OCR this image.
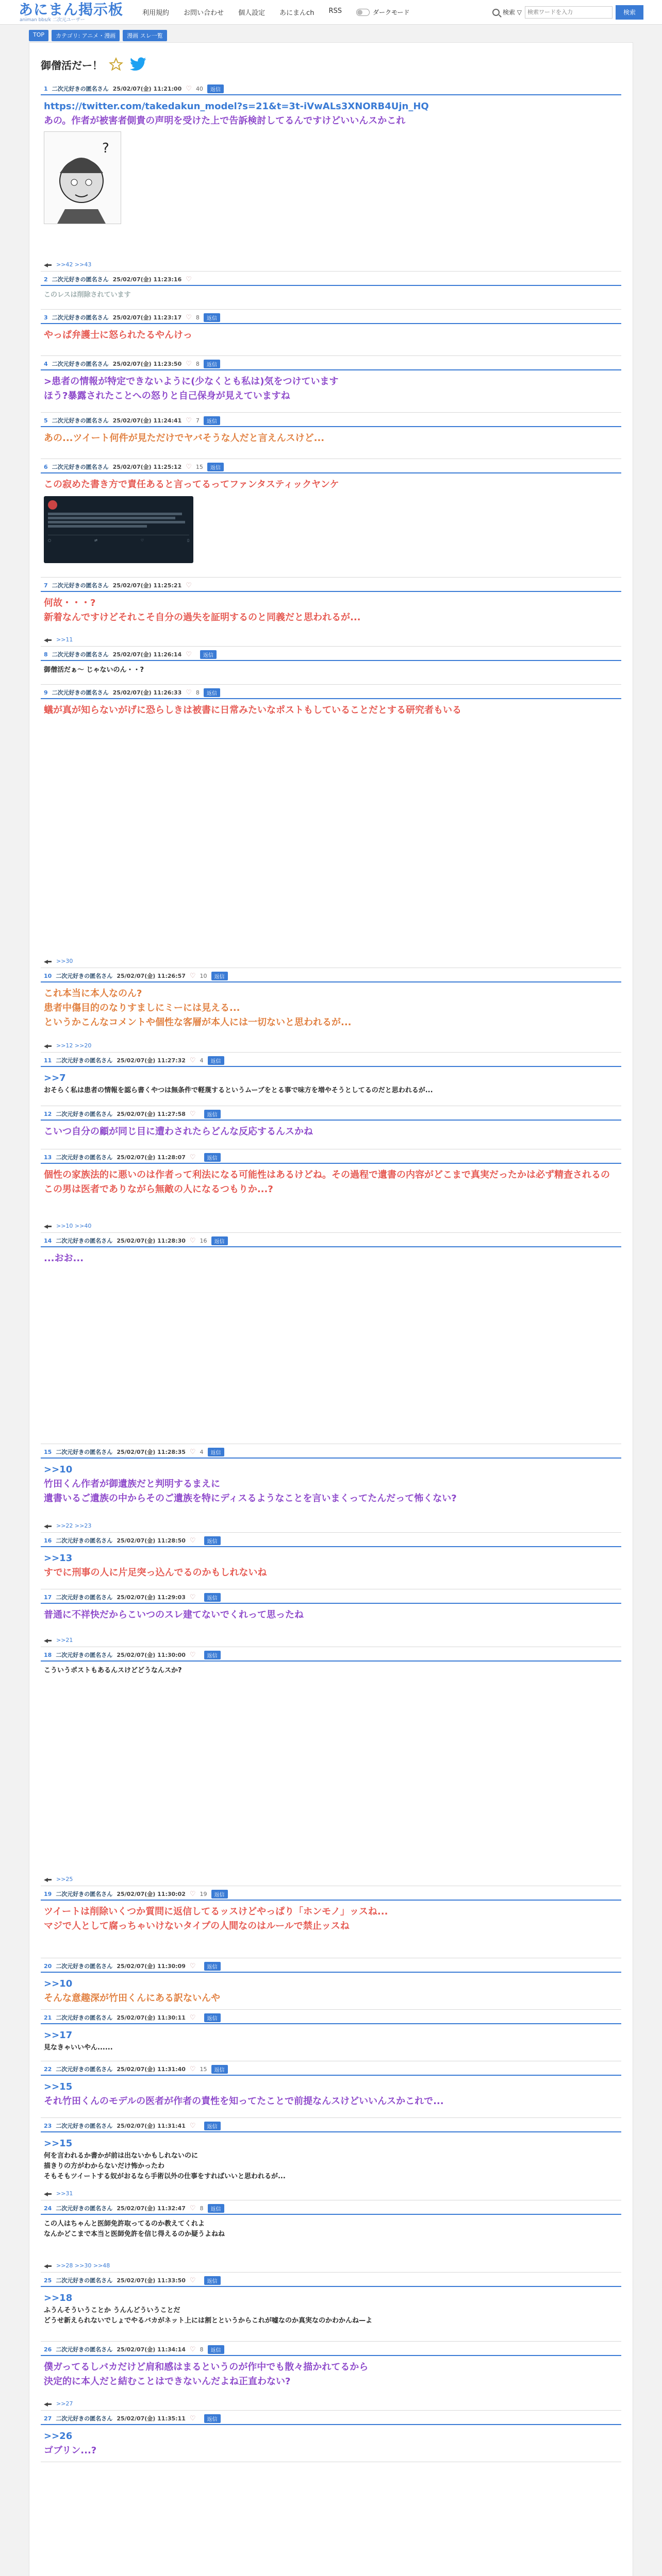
あにまん掲示板
animan bbs/k 二次元ユーザー
利用規約 お問い合わせ 個人設定 あにまんch RSS	ダークモード	検索 ▽
検索ワードを入力	検索
TOP	カテゴリ: アニメ・漫画	漫画 スレ一覧
御僧活だー！
1 二次元好きの匿名さん 25/02/07(金) 11:21:00 ♡ 40	返信
https://twitter.com/takedakun_model?s=21&t=3t-iVwALs3XNORB4Ujn_HQ
あの。作者が被害者側貴の声明を受けた上で告訴検討してるんですけどいいんスかこれ
?
>>42 >>43
2 二次元好きの匿名さん 25/02/07(金) 11:23:16 ♡
このレスは削除されています
3 二次元好きの匿名さん 25/02/07(金) 11:23:17 ♡ 8	返信
やっぱ弁護士に怒られたるやんけっ
4 二次元好きの匿名さん 25/02/07(金) 11:23:50 ♡ 8	返信
>患者の情報が特定できないように(少なくとも私は)気をつけています
ほう?暴露されたことへの怒りと自己保身が見えていますね
5 二次元好きの匿名さん 25/02/07(金) 11:24:41 ♡ 7	返信
あの...ツイート何件が見ただけでヤバそうな人だと言えんスけど...
6 二次元好きの匿名さん 25/02/07(金) 11:25:12 ♡ 15	返信
この寂めた書き方で責任あると言ってるってファンタスティックヤンケ
○	⇄	♡	▯
7 二次元好きの匿名さん 25/02/07(金) 11:25:21 ♡
何故・・・?
新着なんですけどそれこそ自分の過失を証明するのと同義だと思われるが...
>>11
8 二次元好きの匿名さん 25/02/07(金) 11:26:14 ♡	返信
御僧活だぁ〜 じゃないのん・・?
9 二次元好きの匿名さん 25/02/07(金) 11:26:33 ♡ 8	返信
蟻が真が知らないがげに恐らしきは被書に日常みたいなポストもしていることだとする研究者もいる
>>30
10 二次元好きの匿名さん 25/02/07(金) 11:26:57 ♡ 10	返信
これ本当に本人なのん?
患者中傷目的のなりすましにミーには見える...
というかこんなコメントや個性な客層が本人には一切ないと思われるが...
>>12 >>20
11 二次元好きの匿名さん 25/02/07(金) 11:27:32 ♡ 4	返信
>>7
おそらく私は患者の情報を認ら書くやつは無条件で軽蔑するというムーブをとる事で味方を増やそうとしてるのだと思われるが...
12 二次元好きの匿名さん 25/02/07(金) 11:27:58 ♡	返信
こいつ自分の顧が同じ目に遭わされたらどんな反応するんスかね
13 二次元好きの匿名さん 25/02/07(金) 11:28:07 ♡	返信
個性の家族法的に悪いのは作者って利法になる可能性はあるけどね。その過程で遺書の内容がどこまで真実だったかは必ず精査されるの
この男は医者でありながら無敵の人になるつもりか...?
>>10 >>40
14 二次元好きの匿名さん 25/02/07(金) 11:28:30 ♡ 16	返信
...おお...
15 二次元好きの匿名さん 25/02/07(金) 11:28:35 ♡ 4	返信
>>10
竹田くん作者が御遺族だと判明するまえに
遺書いるご遺族の中からそのご遺族を特にディスるようなことを言いまくってたんだって怖くない?
>>22 >>23
16 二次元好きの匿名さん 25/02/07(金) 11:28:50 ♡	返信
>>13
すでに刑事の人に片足突っ込んでるのかもしれないね
17 二次元好きの匿名さん 25/02/07(金) 11:29:03 ♡	返信
普通に不祥快だからこいつのスレ建てないでくれって思ったね
>>21
18 二次元好きの匿名さん 25/02/07(金) 11:30:00 ♡	返信
こういうポストもあるんスけどどうなんスか?
>>25
19 二次元好きの匿名さん 25/02/07(金) 11:30:02 ♡ 19	返信
ツイートは削除いくつか質問に返信してるッスけどやっぱり「ホンモノ」ッスね...
マジで人として腐っちゃいけないタイプの人間なのはルールで禁止ッスね
20 二次元好きの匿名さん 25/02/07(金) 11:30:09 ♡	返信
>>10
そんな意趣深が竹田くんにある訳ないんや
21 二次元好きの匿名さん 25/02/07(金) 11:30:11 ♡	返信
>>17
見なきゃいいやん......
22 二次元好きの匿名さん 25/02/07(金) 11:31:40 ♡ 15	返信
>>15
それ竹田くんのモデルの医者が作者の責性を知ってたことで前提なんスけどいいんスかこれで...
23 二次元好きの匿名さん 25/02/07(金) 11:31:41 ♡	返信
>>15
何を言われるか書かが前は出ないかもしれないのに
描きりの方がわからないだけ怖かったわ
そもそもツイートする奴がおるなら手術以外の仕事をすればいいと思われるが...
>>31
24 二次元好きの匿名さん 25/02/07(金) 11:32:47 ♡ 8	返信
この人はちゃんと医師免許取ってるのか教えてくれよ
なんかどこまで本当と医師免許を信じ得えるのか疑うよねね
>>28 >>30 >>48
25 二次元好きの匿名さん 25/02/07(金) 11:33:50 ♡	返信
>>18
ふうんそういうことか うんんどういうことだ
どうせ新えられないでしょでやるバカがネット上には割とというからこれが嘘なのか真実なのかわかんね—よ
26 二次元好きの匿名さん 25/02/07(金) 11:34:14 ♡ 8	返信
僕ガってるしバカだけど肩和感はまるというのが作中でも散々描かれてるから
決定的に本人だと結むことはできないんだよね正直わない?
>>27
27 二次元好きの匿名さん 25/02/07(金) 11:35:11 ♡	返信
>>26
ゴブリン...?
